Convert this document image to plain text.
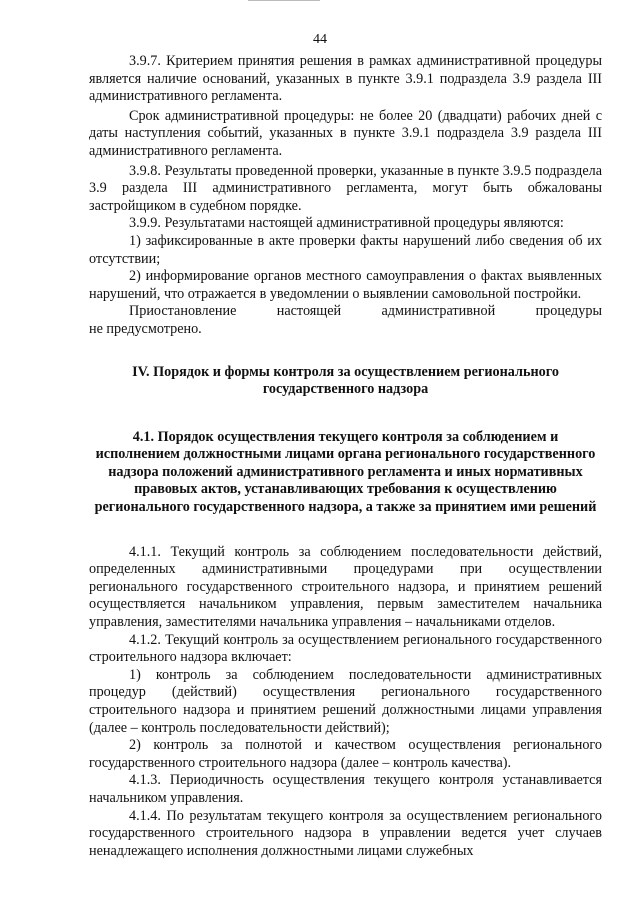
44

3.9.7. Критерием принятия решения в рамках административной процедуры является наличие оснований, указанных в пункте 3.9.1 подраздела 3.9 раздела III административного регламента.

Срок административной процедуры: не более 20 (двадцати) рабочих дней с даты наступления событий, указанных в пункте 3.9.1 подраздела 3.9 раздела III административного регламента.

3.9.8. Результаты проведенной проверки, указанные в пункте 3.9.5 подраздела 3.9 раздела III административного регламента, могут быть обжалованы застройщиком в судебном порядке.

3.9.9. Результатами настоящей административной процедуры являются:

1) зафиксированные в акте проверки факты нарушений либо сведения об их отсутствии;

2) информирование органов местного самоуправления о фактах выявленных нарушений, что отражается в уведомлении о выявлении самовольной постройки.

Приостановление	настоящей	административной	процедуры
не предусмотрено.
IV. Порядок и формы контроля за осуществлением регионального государственного надзора
4.1. Порядок осуществления текущего контроля за соблюдением и исполнением должностными лицами органа регионального государственного надзора положений административного регламента и иных нормативных правовых актов, устанавливающих требования к осуществлению регионального государственного надзора, а также за принятием ими решений

4.1.1. Текущий контроль за соблюдением последовательности действий, определенных административными процедурами при осуществлении регионального государственного строительного надзора, и принятием решений осуществляется начальником управления, первым заместителем начальника управления, заместителями начальника управления – начальниками отделов.

4.1.2. Текущий контроль за осуществлением регионального государственного строительного надзора включает:

1) контроль за соблюдением последовательности административных процедур (действий) осуществления регионального государственного строительного надзора и принятием решений должностными лицами управления (далее – контроль последовательности действий);

2) контроль за полнотой и качеством осуществления регионального государственного строительного надзора (далее – контроль качества).

4.1.3. Периодичность осуществления текущего контроля устанавливается начальником управления.

4.1.4. По результатам текущего контроля за осуществлением регионального государственного строительного надзора в управлении ведется учет случаев ненадлежащего исполнения должностными лицами служебных
